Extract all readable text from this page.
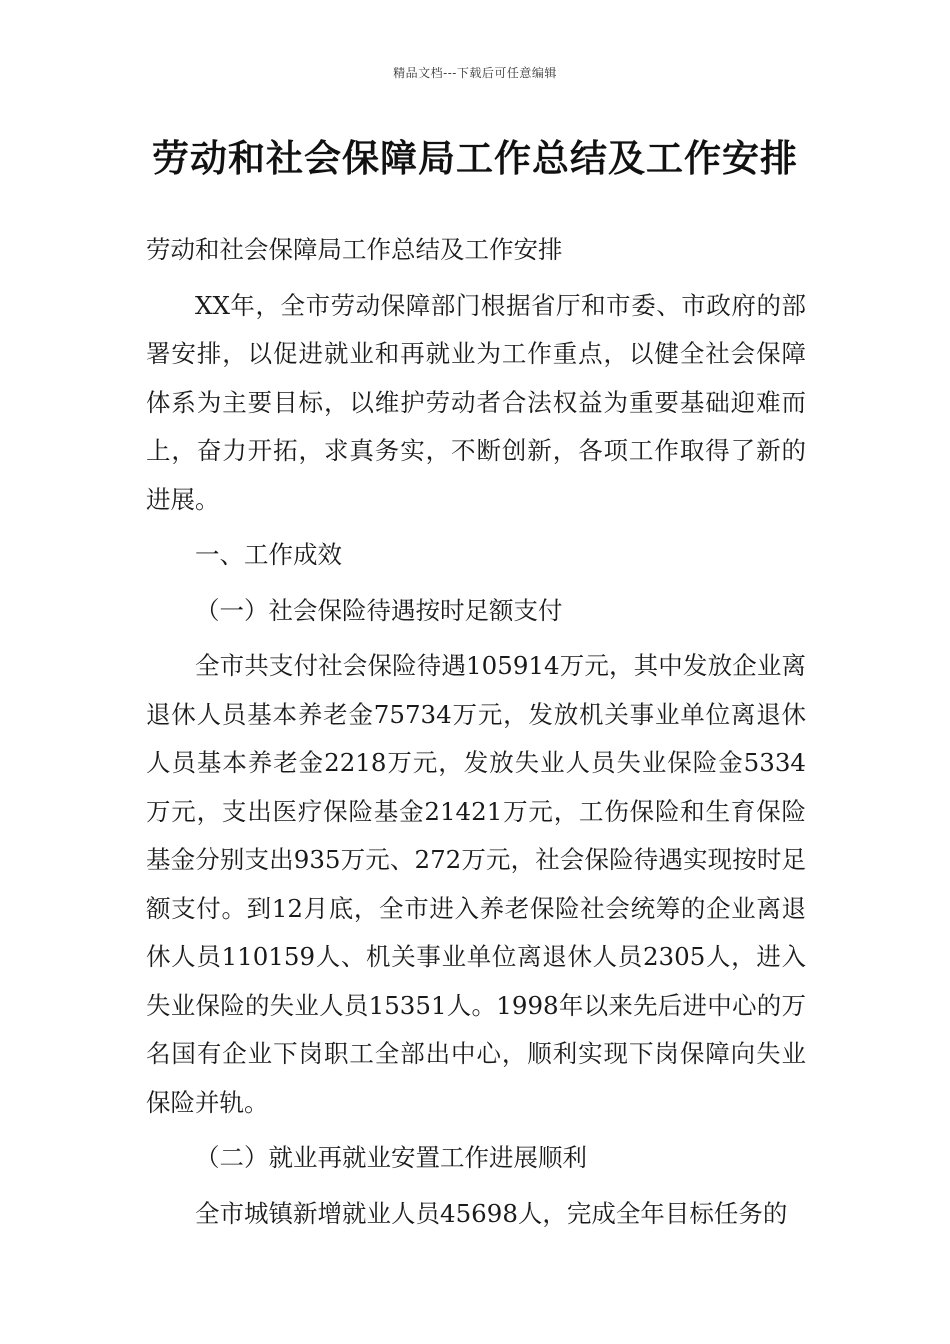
精品文档---下载后可任意编辑
劳动和社会保障局工作总结及工作安排

劳动和社会保障局工作总结及工作安排

XX年，全市劳动保障部门根据省厅和市委、市政府的部署安排，以促进就业和再就业为工作重点，以健全社会保障体系为主要目标，以维护劳动者合法权益为重要基础迎难而上，奋力开拓，求真务实，不断创新，各项工作取得了新的进展。

一、工作成效

（一）社会保险待遇按时足额支付

全市共支付社会保险待遇105914万元，其中发放企业离退休人员基本养老金75734万元，发放机关事业单位离退休人员基本养老金2218万元，发放失业人员失业保险金5334万元，支出医疗保险基金21421万元，工伤保险和生育保险基金分别支出935万元、272万元，社会保险待遇实现按时足额支付。到12月底，全市进入养老保险社会统筹的企业离退休人员110159人、机关事业单位离退休人员2305人，进入失业保险的失业人员15351人。1998年以来先后进中心的万名国有企业下岗职工全部出中心，顺利实现下岗保障向失业保险并轨。

（二）就业再就业安置工作进展顺利

全市城镇新增就业人员45698人，完成全年目标任务的
